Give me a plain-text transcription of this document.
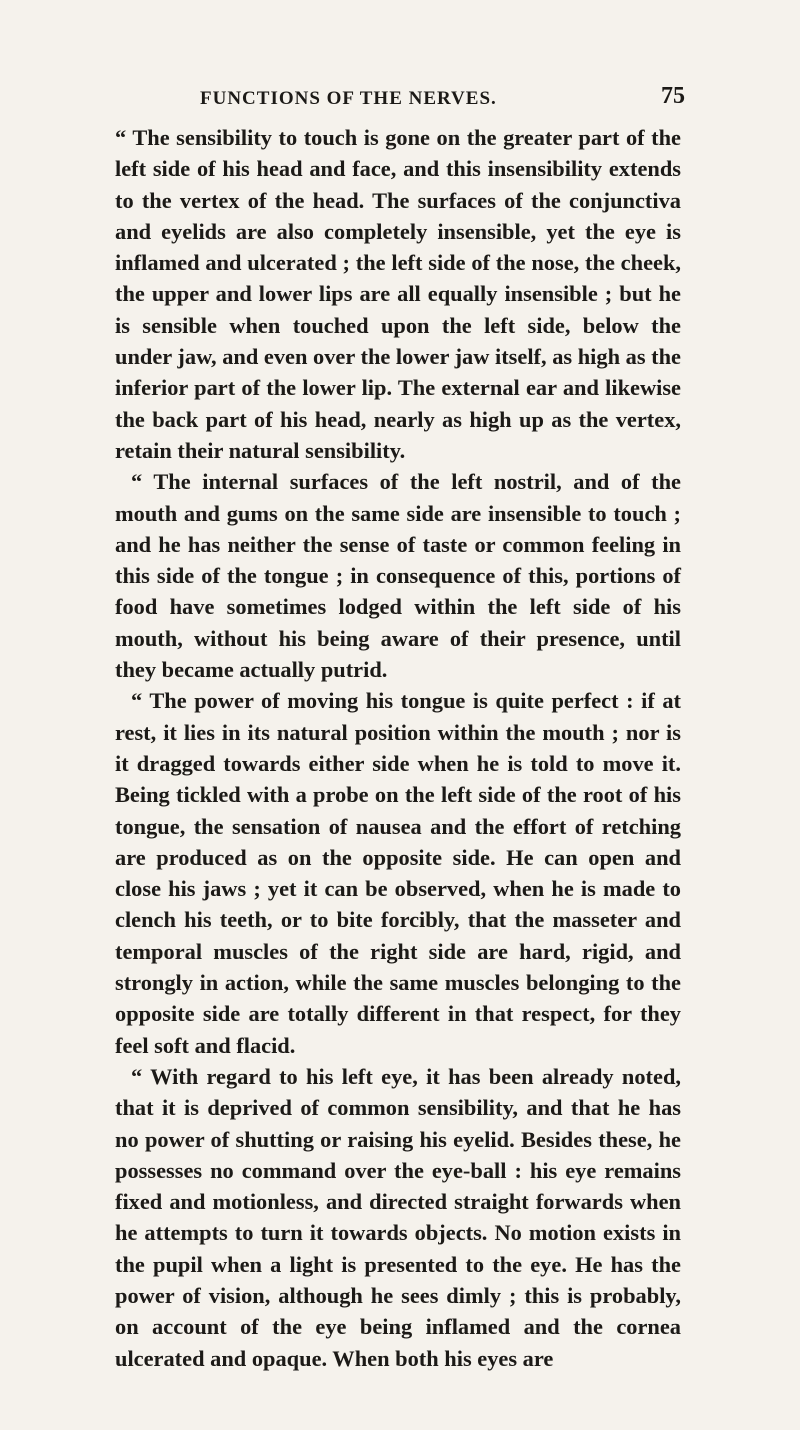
FUNCTIONS OF THE NERVES.	75

“ The sensibility to touch is gone on the greater part of the left side of his head and face, and this insensibility extends to the vertex of the head. The surfaces of the conjunctiva and eyelids are also completely insensible, yet the eye is inflamed and ulcerated ; the left side of the nose, the cheek, the upper and lower lips are all equally insensible ; but he is sensible when touched upon the left side, below the under jaw, and even over the lower jaw itself, as high as the inferior part of the lower lip. The external ear and likewise the back part of his head, nearly as high up as the vertex, retain their natural sensibility.

“ The internal surfaces of the left nostril, and of the mouth and gums on the same side are insensible to touch ; and he has neither the sense of taste or common feeling in this side of the tongue ; in consequence of this, portions of food have sometimes lodged within the left side of his mouth, without his being aware of their presence, until they became actually putrid.

“ The power of moving his tongue is quite perfect : if at rest, it lies in its natural position within the mouth ; nor is it dragged towards either side when he is told to move it. Being tickled with a probe on the left side of the root of his tongue, the sensation of nausea and the effort of retching are produced as on the opposite side. He can open and close his jaws ; yet it can be observed, when he is made to clench his teeth, or to bite forcibly, that the masseter and temporal muscles of the right side are hard, rigid, and strongly in action, while the same muscles belonging to the opposite side are totally different in that respect, for they feel soft and flacid.

“ With regard to his left eye, it has been already noted, that it is deprived of common sensibility, and that he has no power of shutting or raising his eyelid. Besides these, he possesses no command over the eye-ball : his eye remains fixed and motionless, and directed straight forwards when he attempts to turn it towards objects. No motion exists in the pupil when a light is presented to the eye. He has the power of vision, although he sees dimly ; this is probably, on account of the eye being inflamed and the cornea ulcerated and opaque. When both his eyes are
